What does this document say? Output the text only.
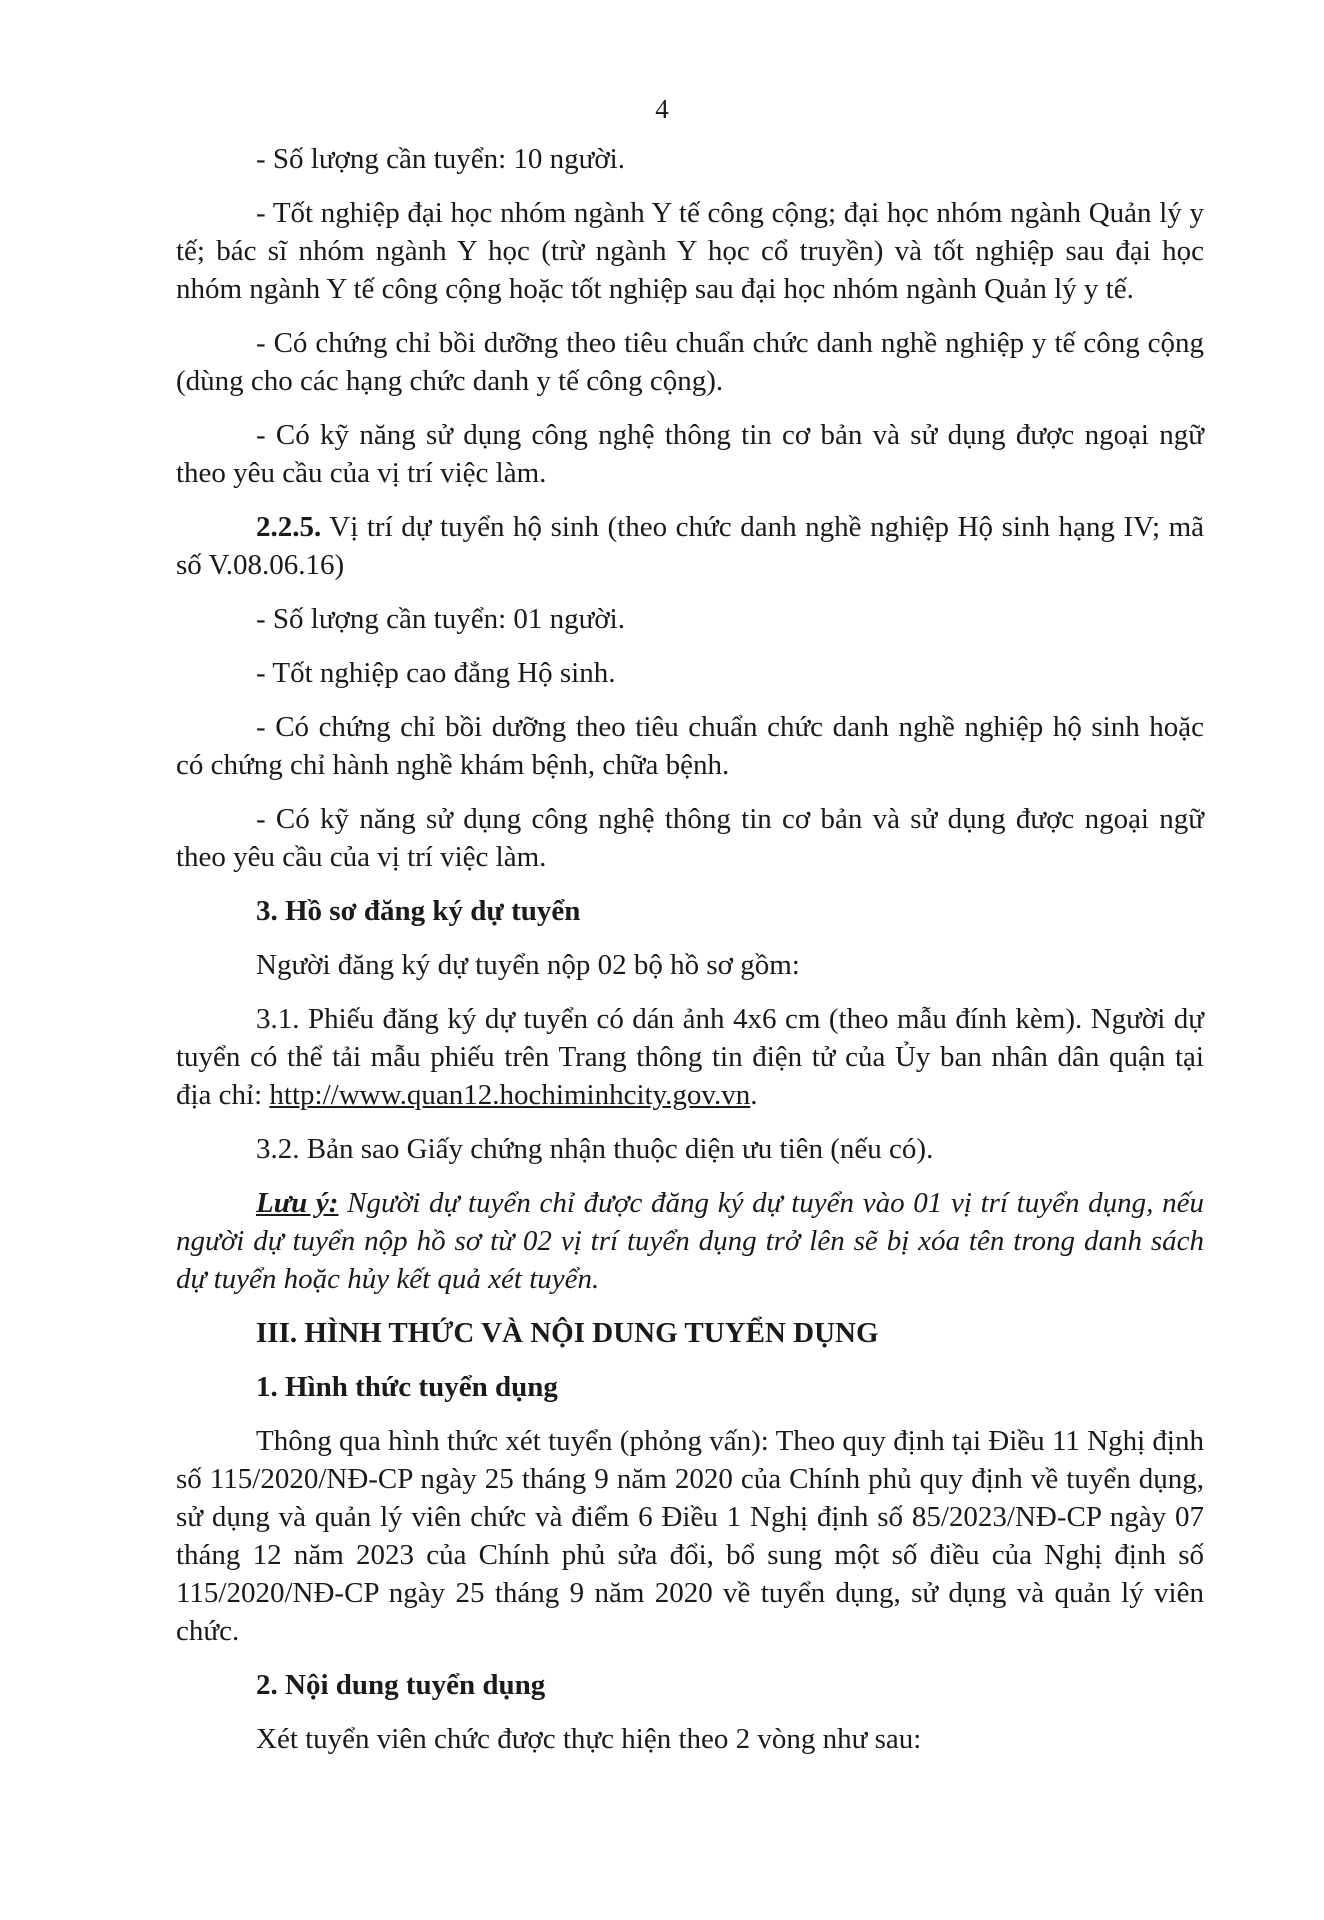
4

- Số lượng cần tuyển: 10 người.

- Tốt nghiệp đại học nhóm ngành Y tế công cộng; đại học nhóm ngành Quản lý y tế; bác sĩ nhóm ngành Y học (trừ ngành Y học cổ truyền) và tốt nghiệp sau đại học nhóm ngành Y tế công cộng hoặc tốt nghiệp sau đại học nhóm ngành Quản lý y tế.

- Có chứng chỉ bồi dưỡng theo tiêu chuẩn chức danh nghề nghiệp y tế công cộng (dùng cho các hạng chức danh y tế công cộng).

- Có kỹ năng sử dụng công nghệ thông tin cơ bản và sử dụng được ngoại ngữ theo yêu cầu của vị trí việc làm.

2.2.5. Vị trí dự tuyển hộ sinh (theo chức danh nghề nghiệp Hộ sinh hạng IV; mã số V.08.06.16)

- Số lượng cần tuyển: 01 người.

- Tốt nghiệp cao đẳng Hộ sinh.

- Có chứng chỉ bồi dưỡng theo tiêu chuẩn chức danh nghề nghiệp hộ sinh hoặc có chứng chỉ hành nghề khám bệnh, chữa bệnh.

- Có kỹ năng sử dụng công nghệ thông tin cơ bản và sử dụng được ngoại ngữ theo yêu cầu của vị trí việc làm.

3. Hồ sơ đăng ký dự tuyển

Người đăng ký dự tuyển nộp 02 bộ hồ sơ gồm:

3.1. Phiếu đăng ký dự tuyển có dán ảnh 4x6 cm (theo mẫu đính kèm). Người dự tuyển có thể tải mẫu phiếu trên Trang thông tin điện tử của Ủy ban nhân dân quận tại địa chỉ: http://www.quan12.hochiminhcity.gov.vn.

3.2. Bản sao Giấy chứng nhận thuộc diện ưu tiên (nếu có).

Lưu ý: Người dự tuyển chỉ được đăng ký dự tuyển vào 01 vị trí tuyển dụng, nếu người dự tuyển nộp hồ sơ từ 02 vị trí tuyển dụng trở lên sẽ bị xóa tên trong danh sách dự tuyển hoặc hủy kết quả xét tuyển.

III. HÌNH THỨC VÀ NỘI DUNG TUYỂN DỤNG

1. Hình thức tuyển dụng

Thông qua hình thức xét tuyển (phỏng vấn): Theo quy định tại Điều 11 Nghị định số 115/2020/NĐ-CP ngày 25 tháng 9 năm 2020 của Chính phủ quy định về tuyển dụng, sử dụng và quản lý viên chức và điểm 6 Điều 1 Nghị định số 85/2023/NĐ-CP ngày 07 tháng 12 năm 2023 của Chính phủ sửa đổi, bổ sung một số điều của Nghị định số 115/2020/NĐ-CP ngày 25 tháng 9 năm 2020 về tuyển dụng, sử dụng và quản lý viên chức.

2. Nội dung tuyển dụng

Xét tuyển viên chức được thực hiện theo 2 vòng như sau:
